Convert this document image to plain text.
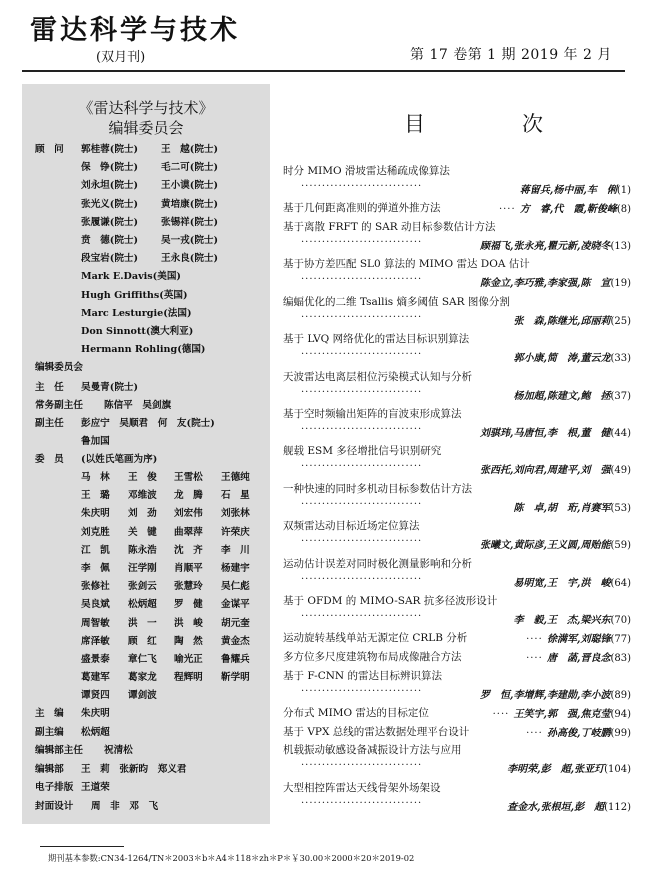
雷达科学与技术
(双月刊)	第 17 卷第 1 期 2019 年 2 月
《雷达科学与技术》
编辑委员会
顾　问 郭桂蓉(院士) 王　越(院士)
保　铮(院士) 毛二可(院士)
刘永坦(院士) 王小谟(院士)
张光义(院士) 黄培康(院士)
张履谦(院士) 张锡祥(院士)
贲　德(院士) 吴一戎(院士)
段宝岩(院士) 王永良(院士)
Mark E.Davis(美国)
Hugh Griffiths(英国)
Marc Lesturgie(法国)
Don Sinnott(澳大利亚)
Hermann Rohling(德国)
编辑委员会
主　任 吴曼青(院士)
常务副主任 陈信平　吴剑旗
副主任 彭应宁　吴顺君　何　友(院士)
鲁加国
委　员 (以姓氏笔画为序)
马　林 王　俊 王雪松 王德纯
王　璐 邓维波 龙　腾 石　星
朱庆明 刘　劲 刘宏伟 刘张林
刘克胜 关　键 曲翠萍 许荣庆
江　凯 陈永浩 沈　齐 李　川
李　佩 汪学刚 肖顺平 杨建宇
张修社 张剑云 张慧玲 吴仁彪
吴良斌 松炳超 罗　健 金谋平
周智敏 洪　一 洪　峻 胡元奎
席泽敏 顾　红 陶　然 黄金杰
盛景泰 章仁飞 喻光正 鲁耀兵
葛建军 葛家龙 程辉明 靳学明
谭贤四 谭剑波
主　编 朱庆明
副主编 松炳超
编辑部主任 祝清松
编辑部 王　莉　张新昀　郑义君
电子排版 王道荣
封面设计 周　非　邓　飞
目　次
时分 MIMO 滑坡雷达稀疏成像算法
·····························	蒋留兵,杨中丽,车　俐(1)
基于几何距离准则的弹道外推方法	···· 方　睿,代　霞,靳俊峰(8)
基于离散 FRFT 的 SAR 动目标参数估计方法
·····························	顾福飞,张永亮,瞿元新,凌晓冬(13)
基于协方差匹配 SL0 算法的 MIMO 雷达 DOA 估计
·····························	陈金立,李巧雅,李家强,陈　宣(19)
编蝠优化的二维 Tsallis 熵多阈值 SAR 图像分割
·····························	张　森,陈继光,邱丽莉(25)
基于 LVQ 网络优化的雷达目标识别算法
·····························	郭小康,简　涛,董云龙(33)
天波雷达电离层相位污染模式认知与分析
·····························	杨加超,陈建文,鲍　拯(37)
基于空时频输出矩阵的盲波束形成算法
·····························	刘骐玮,马唐恒,李　根,董　健(44)
舰载 ESM 多径增批信号识别研究
·····························	张西托,刘向君,周建平,刘　强(49)
一种快速的同时多机动目标参数估计方法
·····························	陈　卓,胡　珩,肖赛军(53)
双频雷达动目标近场定位算法
·····························	张曦文,黄际彦,王义圆,周贻能(59)
运动估计误差对同时极化测量影响和分析
·····························	易明宽,王　宇,洪　峻(64)
基于 OFDM 的 MIMO-SAR 抗多径波形设计
·····························	李　毅,王　杰,梁兴东(70)
运动旋转基线单站无源定位 CRLB 分析	···· 徐满军,刘聪锋(77)
多方位多尺度建筑物布局成像融合方法	···· 唐　菡,晋良念(83)
基于 F-CNN 的雷达目标辨识算法
·····························	罗　恒,李增辉,李建勋,李小波(89)
分布式 MIMO 雷达的目标定位	···· 王笑宇,郭　强,焦克莹(94)
基于 VPX 总线的雷达数据处理平台设计	···· 孙高俊,丁岐鹏(99)
机载振动敏感设备减振设计方法与应用
·····························	李明荣,彭　超,张亚玎(104)
大型相控阵雷达天线骨架外场架设
·····························	查金水,张根垣,彭　超(112)
期刊基本参数:CN34-1264/TN＊2003＊b＊A4＊118＊zh＊P＊￥30.00＊2000＊20＊2019-02
